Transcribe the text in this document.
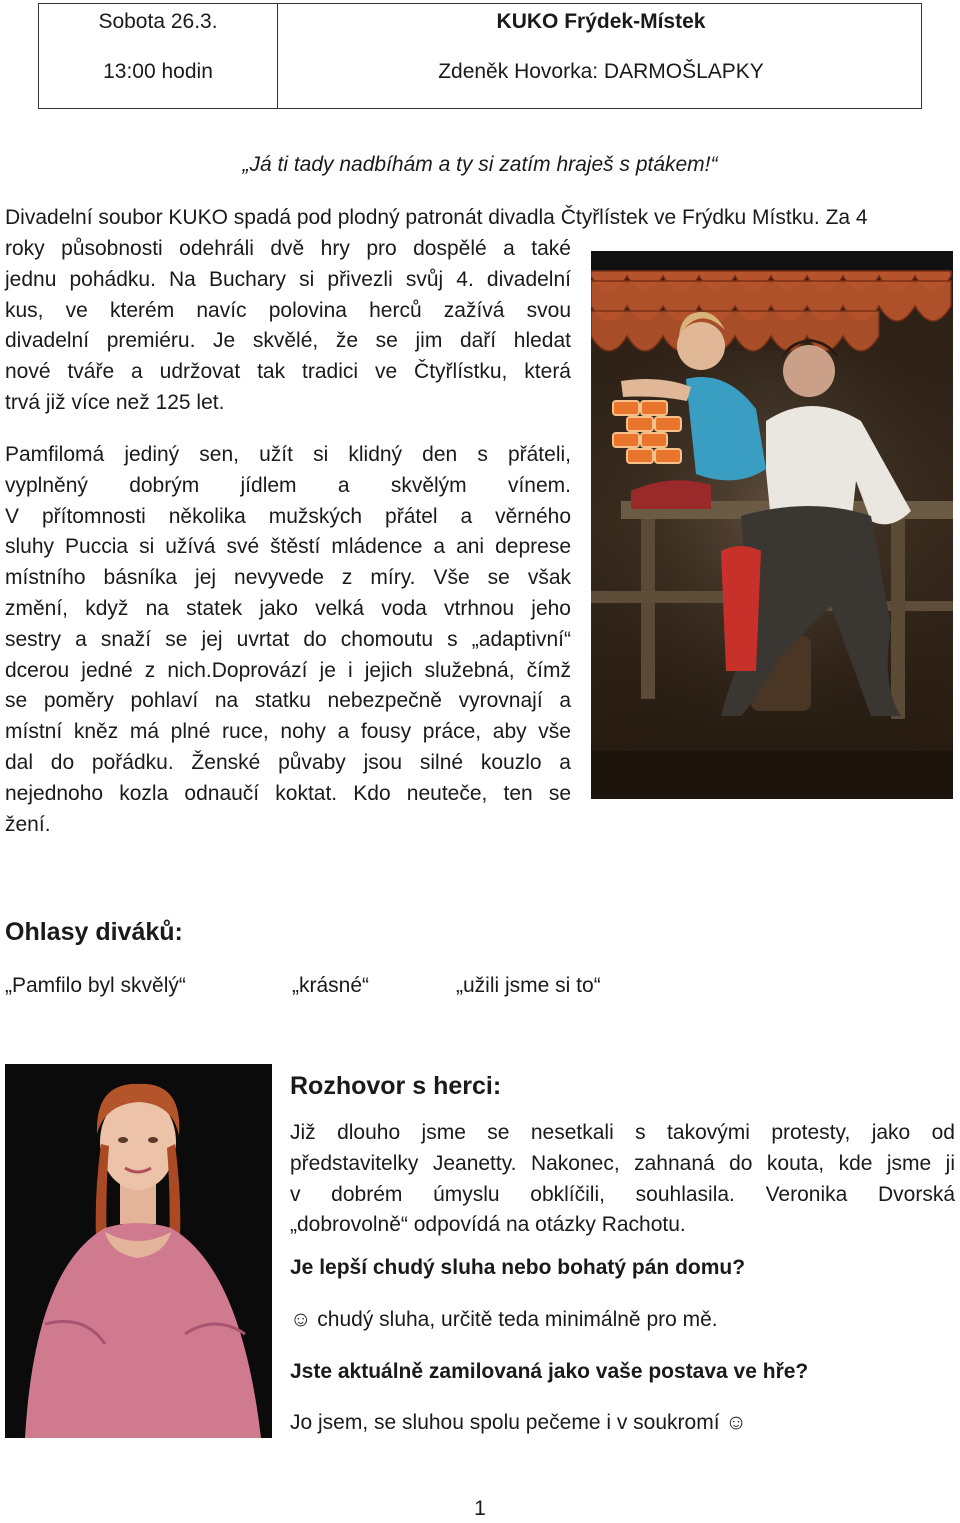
Sobota 26.3.
13:00 hodin
KUKO Frýdek-Místek
Zdeněk Hovorka: DARMOŠLAPKY
„Já ti tady nadbíhám a ty si zatím hraješ s ptákem!“
Divadelní soubor KUKO spadá pod plodný patronát divadla Čtyřlístek ve Frýdku Místku. Za 4
roky působnosti odehráli dvě hry pro dospělé a také
jednu pohádku. Na Buchary si přivezli svůj 4. divadelní
kus, ve kterém navíc polovina herců zažívá svou
divadelní premiéru. Je skvělé, že se jim daří hledat
nové tváře a udržovat tak tradici ve Čtyřlístku, která
trvá již více než 125 let.
Pamfilomá jediný sen, užít si klidný den s přáteli,
vyplněný dobrým jídlem a skvělým vínem.
V přítomnosti několika mužských přátel a věrného
sluhy Puccia si užívá své štěstí mládence a ani deprese
místního básníka jej nevyvede z míry. Vše se však
změní, když na statek jako velká voda vtrhnou jeho
sestry a snaží se jej uvrtat do chomoutu s „adaptivní“
dcerou jedné z nich.Doprovází je i jejich služebná, čímž
se poměry pohlaví na statku nebezpečně vyrovnají a
místní kněz má plné ruce, nohy a fousy práce, aby vše
dal do pořádku. Ženské půvaby jsou silné kouzlo a
nejednoho kozla odnaučí koktat. Kdo neuteče, ten se
žení.
Ohlasy diváků:
„Pamfilo byl skvělý“	„krásné“	„užili jsme si to“
Rozhovor s herci:
Již dlouho jsme se nesetkali s takovými protesty, jako od
představitelky Jeanetty. Nakonec, zahnaná do kouta, kde jsme ji
v dobrém úmyslu obklíčili, souhlasila. Veronika Dvorská
„dobrovolně“ odpovídá na otázky Rachotu.
Je lepší chudý sluha nebo bohatý pán domu?
☺ chudý sluha, určitě teda minimálně pro mě.
Jste aktuálně zamilovaná jako vaše postava ve hře?
Jo jsem, se sluhou spolu pečeme i v soukromí ☺
1
